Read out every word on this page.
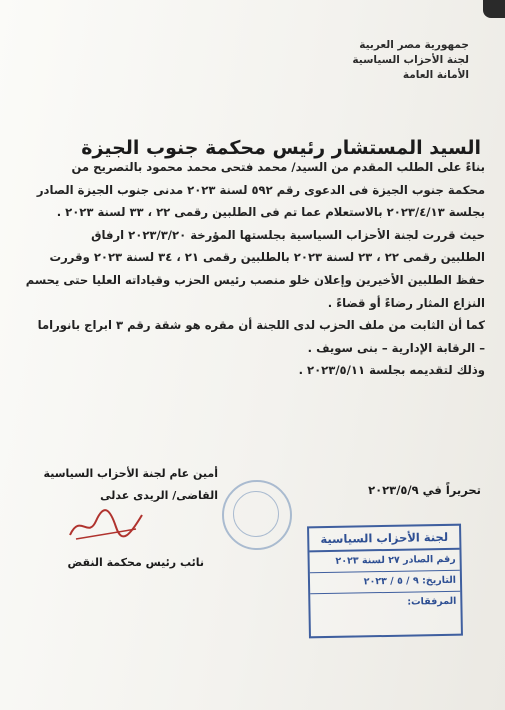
جمهورية مصر العربية
لجنة الأحزاب السياسية
الأمانة العامة
السيد المستشار رئيس محكمة جنوب الجيزة
بناءً على الطلب المقدم من السيد/ محمد فتحى محمد محمود بالتصريح من
محكمة جنوب الجيزة فى الدعوى رقم ٥٩٢ لسنة ٢٠٢٣ مدنى جنوب الجيزة الصادر
بجلسة ٢٠٢٣/٤/١٣ بالاستعلام عما تم فى الطلبين رقمى ٢٢ ، ٣٣ لسنة ٢٠٢٣ .
حيث قررت لجنة الأحزاب السياسية بجلستها المؤرخة ٢٠٢٣/٣/٢٠ ارفاق
الطلبين رقمى ٢٢ ، ٢٣ لسنة ٢٠٢٣ بالطلبين رقمى ٢١ ، ٣٤ لسنة ٢٠٢٣ وقررت
حفظ الطلبين الأخيرين وإعلان خلو منصب رئيس الحزب وقياداته العليا حتى يحسم
النزاع المثار رضاءً أو قضاءً .
كما أن الثابت من ملف الحزب لدى اللجنة أن مقره هو شقة رقم ٣ ابراج بانوراما
– الرقابة الإدارية – بنى سويف .
وذلك لتقديمه بجلسة ٢٠٢٣/٥/١١ .
أمين عام لجنة الأحزاب السياسية
القاضى/ الريدى عدلى
نائب رئيس محكمة النقض
تحريراً في ٢٠٢٣/٥/٩
لجنة الأحزاب السياسية
رقم الصادر ٢٧ لسنة ٢٠٢٣
التاريخ: ٩ / ٥ / ٢٠٢٣
المرفقات:
